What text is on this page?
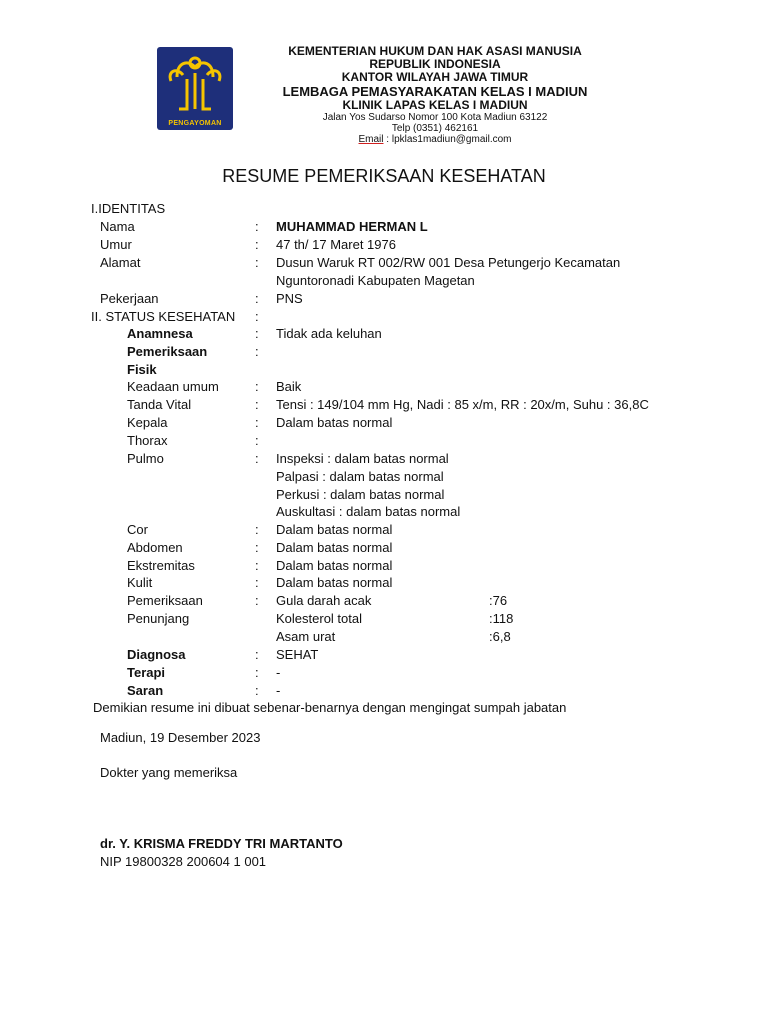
PENGAYOMAN
KEMENTERIAN HUKUM DAN HAK ASASI MANUSIA
REPUBLIK INDONESIA
KANTOR WILAYAH JAWA TIMUR
LEMBAGA PEMASYARAKATAN KELAS I MADIUN
KLINIK LAPAS KELAS I MADIUN
Jalan Yos Sudarso Nomor 100 Kota Madiun 63122
Telp (0351) 462161
Email : lpklas1madiun@gmail.com
RESUME PEMERIKSAAN KESEHATAN
I.IDENTITAS
Nama	: MUHAMMAD HERMAN L
Umur	: 47 th/ 17 Maret 1976
Alamat	: Dusun Waruk RT 002/RW 001 Desa Petungerjo Kecamatan
Nguntoronadi Kabupaten Magetan
Pekerjaan	: PNS
II. STATUS KESEHATAN :
Anamnesa	: Tidak ada keluhan
Pemeriksaan	:
Fisik
Keadaan umum	: Baik
Tanda Vital	: Tensi : 149/104 mm Hg, Nadi : 85 x/m, RR : 20x/m, Suhu : 36,8C
Kepala	: Dalam batas normal
Thorax	:
Pulmo	: Inspeksi : dalam batas normal
Palpasi : dalam batas normal
Perkusi : dalam batas normal
Auskultasi : dalam batas normal
Cor	: Dalam batas normal
Abdomen	: Dalam batas normal
Ekstremitas	: Dalam batas normal
Kulit	: Dalam batas normal
Pemeriksaan	:
Penunjang
Gula darah acak	:76
Kolesterol total	:118
Asam urat	:6,8
Diagnosa	: SEHAT
Terapi	: -
Saran	: -
Demikian resume ini dibuat sebenar-benarnya dengan mengingat sumpah jabatan
Madiun, 19 Desember 2023
Dokter yang memeriksa
dr. Y. KRISMA FREDDY TRI MARTANTO
NIP 19800328 200604 1 001
